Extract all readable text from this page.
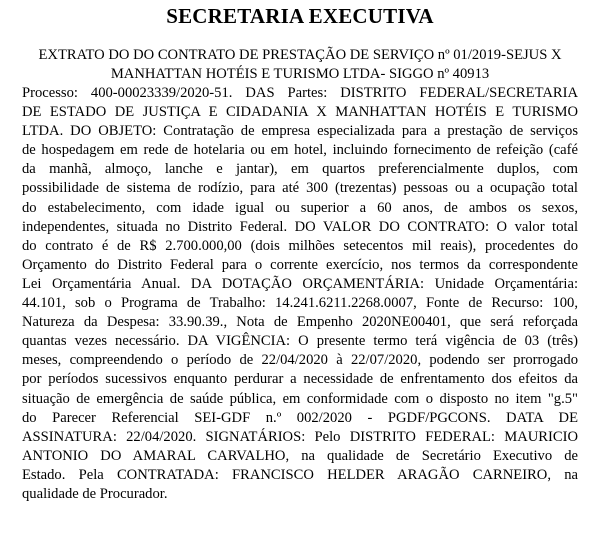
SECRETARIA EXECUTIVA
EXTRATO DO DO CONTRATO DE PRESTAÇÃO DE SERVIÇO nº 01/2019-SEJUS X
MANHATTAN HOTÉIS E TURISMO LTDA- SIGGO nº 40913
Processo: 400-00023339/2020-51. DAS Partes: DISTRITO FEDERAL/SECRETARIA
DE ESTADO DE JUSTIÇA E CIDADANIA X MANHATTAN HOTÉIS E TURISMO
LTDA. DO OBJETO: Contratação de empresa especializada para a prestação de serviços
de hospedagem em rede de hotelaria ou em hotel, incluindo fornecimento de refeição (café
da manhã, almoço, lanche e jantar), em quartos preferencialmente duplos, com
possibilidade de sistema de rodízio, para até 300 (trezentas) pessoas ou a ocupação total
do estabelecimento, com idade igual ou superior a 60 anos, de ambos os sexos,
independentes, situada no Distrito Federal. DO VALOR DO CONTRATO: O valor total
do contrato é de R$ 2.700.000,00 (dois milhões setecentos mil reais), procedentes do
Orçamento do Distrito Federal para o corrente exercício, nos termos da correspondente
Lei Orçamentária Anual. DA DOTAÇÃO ORÇAMENTÁRIA: Unidade Orçamentária:
44.101, sob o Programa de Trabalho: 14.241.6211.2268.0007, Fonte de Recurso: 100,
Natureza da Despesa: 33.90.39., Nota de Empenho 2020NE00401, que será reforçada
quantas vezes necessário. DA VIGÊNCIA: O presente termo terá vigência de 03 (três)
meses, compreendendo o período de 22/04/2020 à 22/07/2020, podendo ser prorrogado
por períodos sucessivos enquanto perdurar a necessidade de enfrentamento dos efeitos da
situação de emergência de saúde pública, em conformidade com o disposto no item "g.5"
do Parecer Referencial SEI-GDF n.º 002/2020 - PGDF/PGCONS. DATA DE
ASSINATURA: 22/04/2020. SIGNATÁRIOS: Pelo DISTRITO FEDERAL: MAURICIO
ANTONIO DO AMARAL CARVALHO, na qualidade de Secretário Executivo de
Estado. Pela CONTRATADA: FRANCISCO HELDER ARAGÃO CARNEIRO, na
qualidade de Procurador.
